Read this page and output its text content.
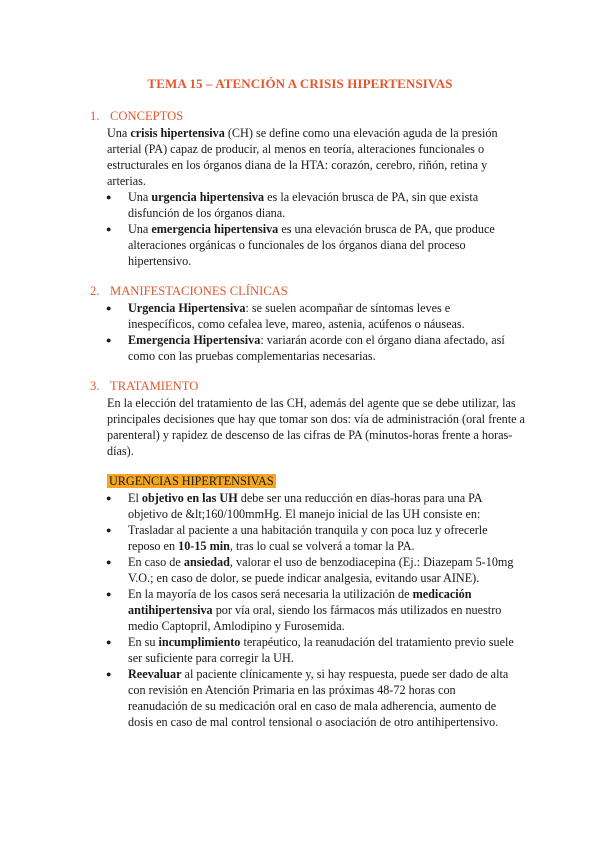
TEMA 15 – ATENCIÓN A CRISIS HIPERTENSIVAS
1. CONCEPTOS
Una crisis hipertensiva (CH) se define como una elevación aguda de la presión arterial (PA) capaz de producir, al menos en teoría, alteraciones funcionales o estructurales en los órganos diana de la HTA: corazón, cerebro, riñón, retina y arterias.
● Una urgencia hipertensiva es la elevación brusca de PA, sin que exista disfunción de los órganos diana.
● Una emergencia hipertensiva es una elevación brusca de PA, que produce alteraciones orgánicas o funcionales de los órganos diana del proceso hipertensivo.
2. MANIFESTACIONES CLÍNICAS
● Urgencia Hipertensiva: se suelen acompañar de síntomas leves e inespecíficos, como cefalea leve, mareo, astenia, acúfenos o náuseas.
● Emergencia Hipertensiva: variarán acorde con el órgano diana afectado, así como con las pruebas complementarias necesarias.
3. TRATAMIENTO
En la elección del tratamiento de las CH, además del agente que se debe utilizar, las principales decisiones que hay que tomar son dos: vía de administración (oral frente a parenteral) y rapidez de descenso de las cifras de PA (minutos-horas frente a horas-días).
URGENCIAS HIPERTENSIVAS
● El objetivo en las UH debe ser una reducción en días-horas para una PA objetivo de &lt;160/100mmHg. El manejo inicial de las UH consiste en:
● Trasladar al paciente a una habitación tranquila y con poca luz y ofrecerle reposo en 10-15 min, tras lo cual se volverá a tomar la PA.
● En caso de ansiedad, valorar el uso de benzodiacepina (Ej.: Diazepam 5-10mg V.O.; en caso de dolor, se puede indicar analgesia, evitando usar AINE).
● En la mayoría de los casos será necesaria la utilización de medicación antihipertensiva por vía oral, siendo los fármacos más utilizados en nuestro medio Captopril, Amlodipino y Furosemida.
● En su incumplimiento terapéutico, la reanudación del tratamiento previo suele ser suficiente para corregir la UH.
● Reevaluar al paciente clínicamente y, si hay respuesta, puede ser dado de alta con revisión en Atención Primaria en las próximas 48-72 horas con reanudación de su medicación oral en caso de mala adherencia, aumento de dosis en caso de mal control tensional o asociación de otro antihipertensivo.
